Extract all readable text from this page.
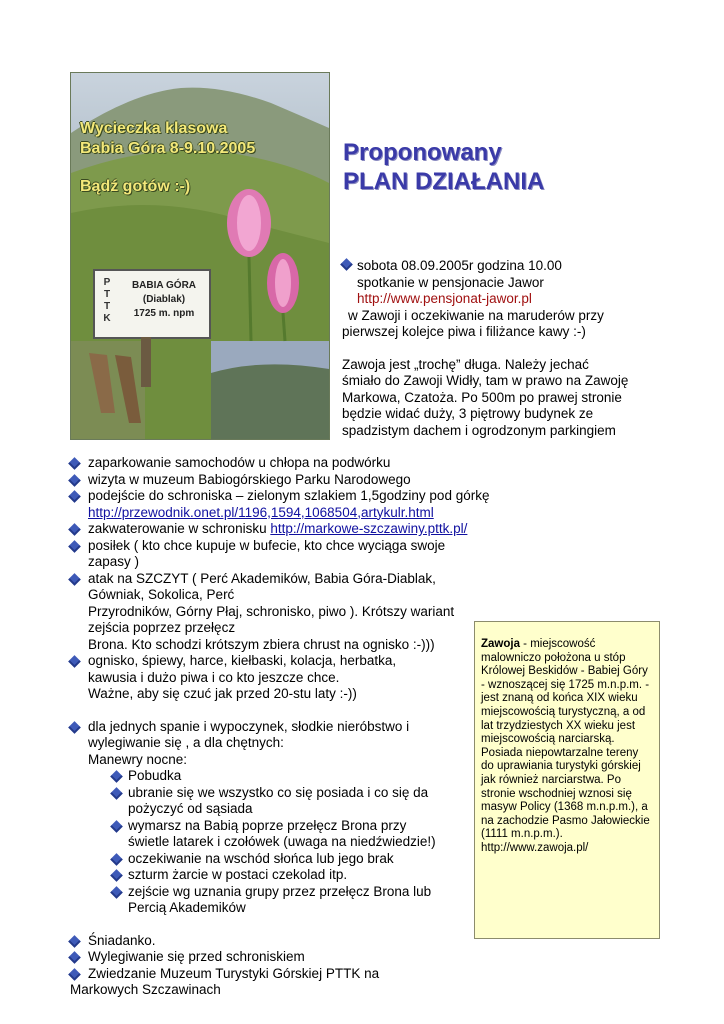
Wycieczka klasowa
Babia Góra 8-9.10.2005
Bądź gotów :-)
P
T
T
K
BABIA GÓRA
(Diablak)
1725 m. npm
Proponowany
PLAN DZIAŁANIA
sobota 08.09.2005r godzina 10.00
spotkanie w pensjonacie Jawor
http://www.pensjonat-jawor.pl
w Zawoji i oczekiwanie na maruderów przy
pierwszej kolejce piwa i filiżance kawy :-)
Zawoja jest „trochę” długa. Należy jechać
śmiało do Zawoji Widły, tam w prawo na Zawoję
Markowa, Czatoża. Po 500m po prawej stronie
będzie widać duży, 3 piętrowy budynek ze
spadzistym dachem i ogrodzonym parkingiem
zaparkowanie samochodów u chłopa na podwórku
wizyta w muzeum Babiogórskiego Parku Narodowego
podejście do schroniska – zielonym szlakiem 1,5godziny pod górkę
http://przewodnik.onet.pl/1196,1594,1068504,artykulr.html
zakwaterowanie w schronisku http://markowe-szczawiny.pttk.pl/
posiłek ( kto chce kupuje w bufecie, kto chce wyciąga swoje zapasy )
atak na SZCZYT ( Perć Akademików, Babia Góra-Diablak, Gówniak, Sokolica, Perć
Przyrodników, Górny Płaj, schronisko, piwo ). Krótszy wariant zejścia poprzez przełęcz
Brona. Kto schodzi krótszym zbiera chrust na ognisko :-)))
ognisko, śpiewy, harce, kiełbaski, kolacja, herbatka,
kawusia i dużo piwa i co kto jeszcze chce.
Ważne, aby się czuć jak przed 20-stu laty :-))
dla jednych spanie i wypoczynek, słodkie nieróbstwo i
wylegiwanie się , a dla chętnych:
Manewry nocne:
Pobudka
ubranie się we wszystko co się posiada i co się da
pożyczyć od sąsiada
wymarsz na Babią poprze przełęcz Brona przy
świetle latarek i czołówek (uwaga na niedźwiedzie!)
oczekiwanie na wschód słońca lub jego brak
szturm żarcie w postaci czekolad itp.
zejście wg uznania grupy przez przełęcz Brona lub
Percią Akademików
Śniadanko.
Wylegiwanie się przed schroniskiem
Zwiedzanie Muzeum Turystyki Górskiej PTTK na
Markowych Szczawinach
Zawoja - miejscowość malowniczo położona u stóp Królowej Beskidów - Babiej Góry - wznoszącej się 1725 m.n.p.m. - jest znaną od końca XIX wieku miejscowością turystyczną, a od lat trzydziestych XX wieku jest miejscowością narciarską. Posiada niepowtarzalne tereny do uprawiania turystyki górskiej jak również narciarstwa. Po stronie wschodniej wznosi się masyw Policy (1368 m.n.p.m.), a na zachodzie Pasmo Jałowieckie (1111 m.n.p.m.).
http://www.zawoja.pl/
